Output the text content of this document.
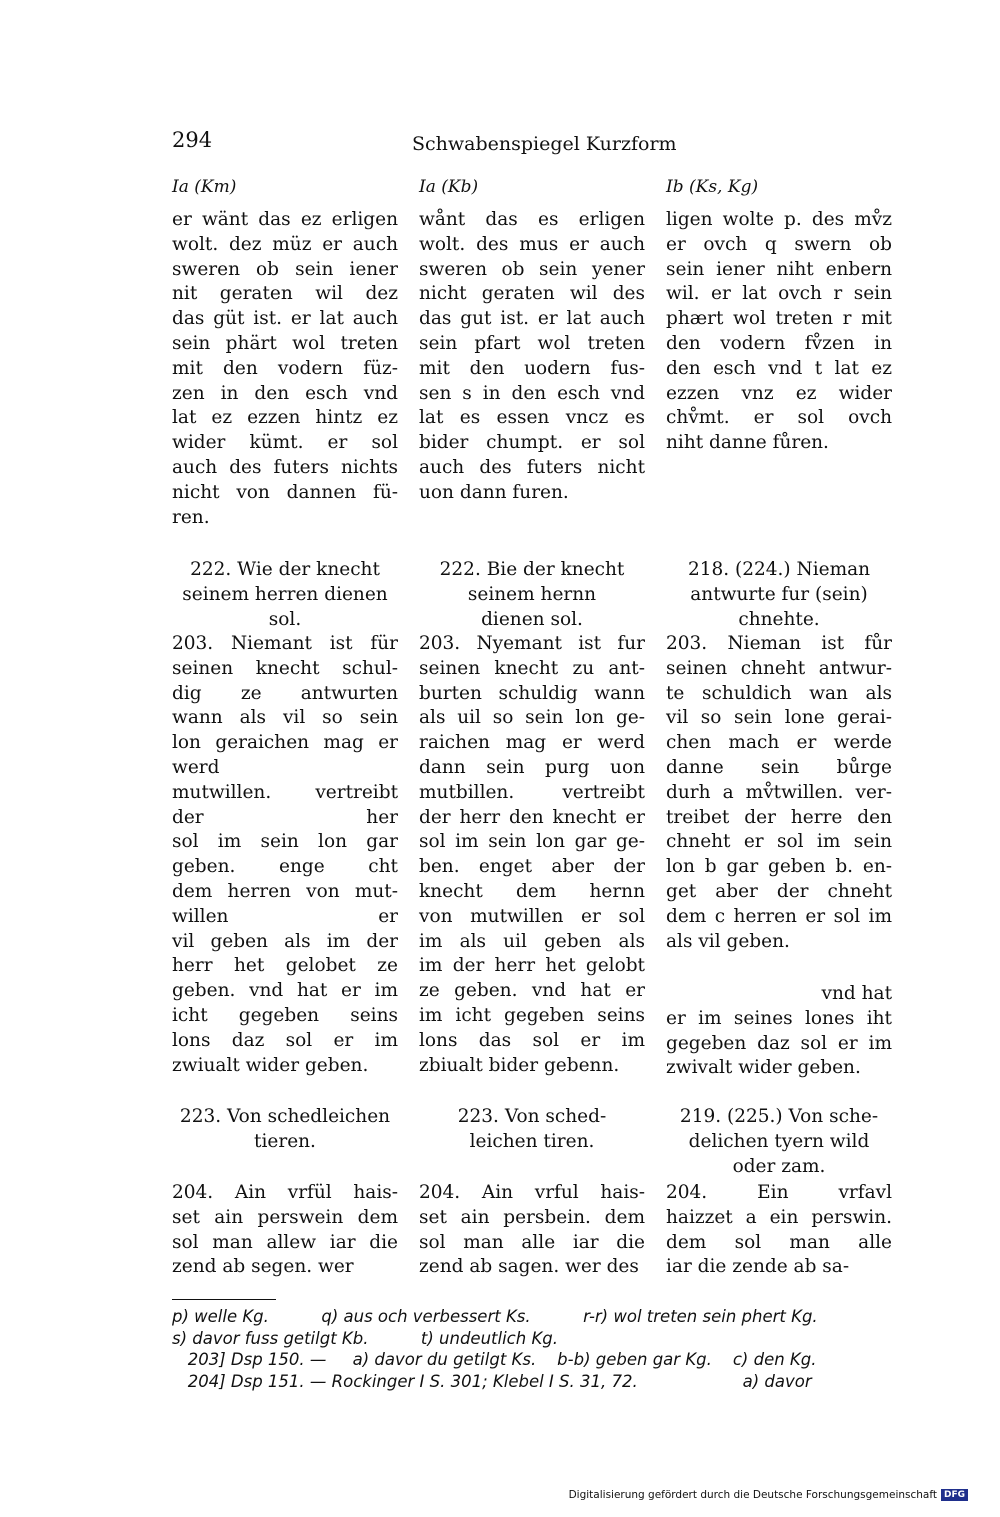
294	Schwabenspiegel Kurzform
Ia (Km)	Ia (Kb)	Ib (Ks, Kg)
er wänt das ez erligen
wolt. dez müz er auch
sweren ob sein iener
nit geraten wil dez
das güt ist. er lat auch
sein phärt wol treten
mit den vodern füz-
zen in den esch vnd
lat ez ezzen hintz ez
wider kümt. er sol
auch des futers nichts
nicht von dannen fü-
ren.
222. Wie der knecht
seinem herren dienen
sol.
203. Niemant ist für
seinen knecht schul-
dig ze antwurten
wann als vil so sein
lon geraichen mag er
werd
mutwillen. vertreibt
der her
sol im sein lon gar
geben. enge cht
dem herren von mut-
willen er
vil geben als im der
herr het gelobet ze
geben. vnd hat er im
icht gegeben seins
lons daz sol er im
zwiualt wider geben.
223. Von schedleichen
tieren.
204. Ain vrfül hais-
set ain perswein dem
sol man allew iar die
zend ab segen. wer
wånt das es erligen
wolt. des mus er auch
sweren ob sein yener
nicht geraten wil des
das gut ist. er lat auch
sein pfart wol treten
mit den uodern fus-
sen s in den esch vnd
lat es essen vncz es
bider chumpt. er sol
auch des futers nicht
uon dann furen.
222. Bie der knecht
seinem hernn
dienen sol.
203. Nyemant ist fur
seinen knecht zu ant-
burten schuldig wann
als uil so sein lon ge-
raichen mag er werd
dann sein purg uon
mutbillen. vertreibt
der herr den knecht er
sol im sein lon gar ge-
ben. enget aber der
knecht dem hernn
von mutwillen er sol
im als uil geben als
im der herr het gelobt
ze geben. vnd hat er
im icht gegeben seins
lons das sol er im
zbiualt bider gebenn.
223. Von sched-
leichen tiren.
204. Ain vrful hais-
set ain persbein. dem
sol man alle iar die
zend ab sagen. wer des
ligen wolte p. des mv̊z
er ovch q swern ob
sein iener niht enbern
wil. er lat ovch r sein
phært wol treten r mit
den vodern fv̊zen in
den esch vnd t lat ez
ezzen vnz ez wider
chv̊mt. er sol ovch
niht danne fůren.
218. (224.) Nieman
antwurte fur (sein)
chnehte.
203. Nieman ist fůr
seinen chneht antwur-
te schuldich wan als
vil so sein lone gerai-
chen mach er werde
danne sein bůrge
durh a mv̊twillen. ver-
treibet der herre den
chneht er sol im sein
lon b gar geben b. en-
get aber der chneht
dem c herren er sol im
als vil geben.
vnd hat
er im seines lones iht
gegeben daz sol er im
zwivalt wider geben.
219. (225.) Von sche-
delichen tyern wild
oder zam.
204. Ein vrfavl
haizzet a ein perswin.
dem sol man alle
iar die zende ab sa-
p) welle Kg.          q) aus och verbessert Ks.          r-r) wol treten sein phert Kg.
s) davor fuss getilgt Kb.          t) undeutlich Kg.
203] Dsp 150. —     a) davor du getilgt Ks.    b-b) geben gar Kg.    c) den Kg.
204] Dsp 151. — Rockinger I S. 301; Klebel I S. 31, 72.                    a) davor
Digitalisierung gefördert durch die Deutsche Forschungsgemeinschaft DFG
